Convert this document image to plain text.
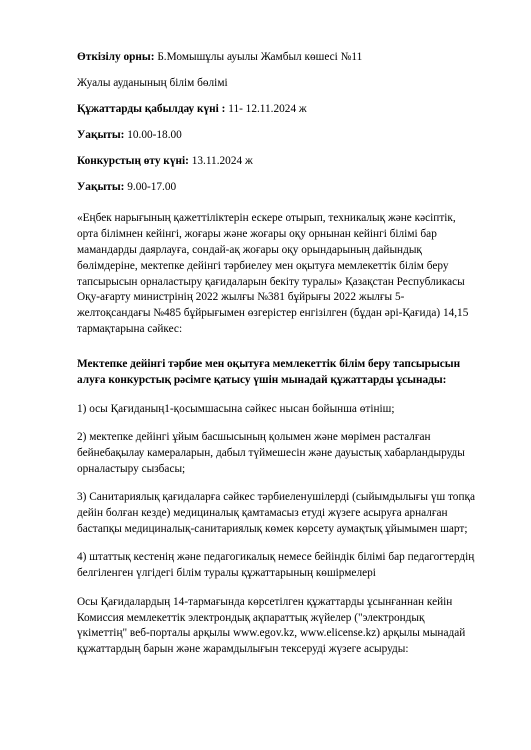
Өткізілу орны: Б.Момышұлы ауылы Жамбыл көшесі №11

Жуалы ауданының білім бөлімі

Құжаттарды қабылдау күні : 11- 12.11.2024 ж

Уақыты: 10.00-18.00

Конкурстың өту күні: 13.11.2024 ж

Уақыты: 9.00-17.00

«Еңбек нарығының қажеттіліктерін ескере отырып, техникалық және кәсіптік, орта білімнен кейінгі, жоғары және жоғары оқу орнынан кейінгі білімі бар мамандарды даярлауға, сондай-ақ жоғары оқу орындарының дайындық бөлімдеріне, мектепке дейінгі тәрбиелеу мен оқытуға мемлекеттік білім беру тапсырысын орналастыру қағидаларын бекіту туралы» Қазақстан Республикасы Оқу-ағарту министрінің 2022 жылғы №381 бұйрығы 2022 жылғы 5-желтоқсандағы №485 бұйрығымен өзгерістер енгізілген (бұдан әрі-Қағида) 14,15 тармақтарына сәйкес:

Мектепке дейінгі тәрбие мен оқытуға мемлекеттік білім беру тапсырысын алуға конкурстық рәсімге қатысу үшін мынадай құжаттарды ұсынады:

1) осы Қағиданың1-қосымшасына сәйкес нысан бойынша өтініш;

2) мектепке дейінгі ұйым басшысының қолымен және мөрімен расталған бейнебақылау камераларын, дабыл түймешесін және дауыстық хабарландыруды орналастыру сызбасы;

3) Санитариялық қағидаларға сәйкес тәрбиеленушілерді (сыйымдылығы үш топқа дейін болған кезде) медициналық қамтамасыз етуді жүзеге асыруға арналған бастапқы медициналық-санитариялық көмек көрсету аумақтық ұйымымен шарт;

4) штаттық кестенің және педагогикалық немесе бейіндік білімі бар педагогтердің белгіленген үлгідегі білім туралы құжаттарының көшірмелері

Осы Қағидалардың 14-тармағында көрсетілген құжаттарды ұсынғаннан кейін Комиссия мемлекеттік электрондық ақпараттық жүйелер ("электрондық үкіметтің" веб-порталы арқылы www.egov.kz, www.elicense.kz) арқылы мынадай құжаттардың барын және жарамдылығын тексеруді жүзеге асыруды:
